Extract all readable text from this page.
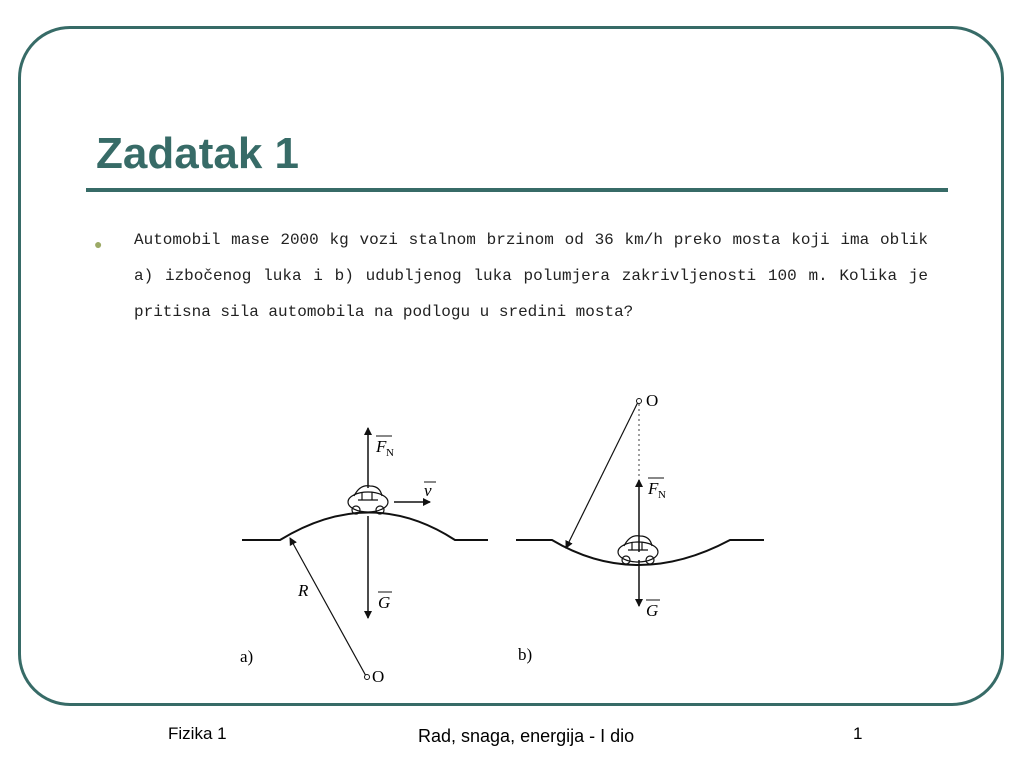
Zadatak 1
● Automobil mase 2000 kg vozi stalnom brzinom od 36 km/h preko mosta koji ima oblik a) izbočenog luka i b) udubljenog luka polumjera zakrivljenosti 100 m. Kolika je pritisna sila automobila na podlogu u sredini mosta?

F N
G
v
R
O
a)
F N
G
O
b)
Fizika 1	Rad, snaga, energija - I dio	1
